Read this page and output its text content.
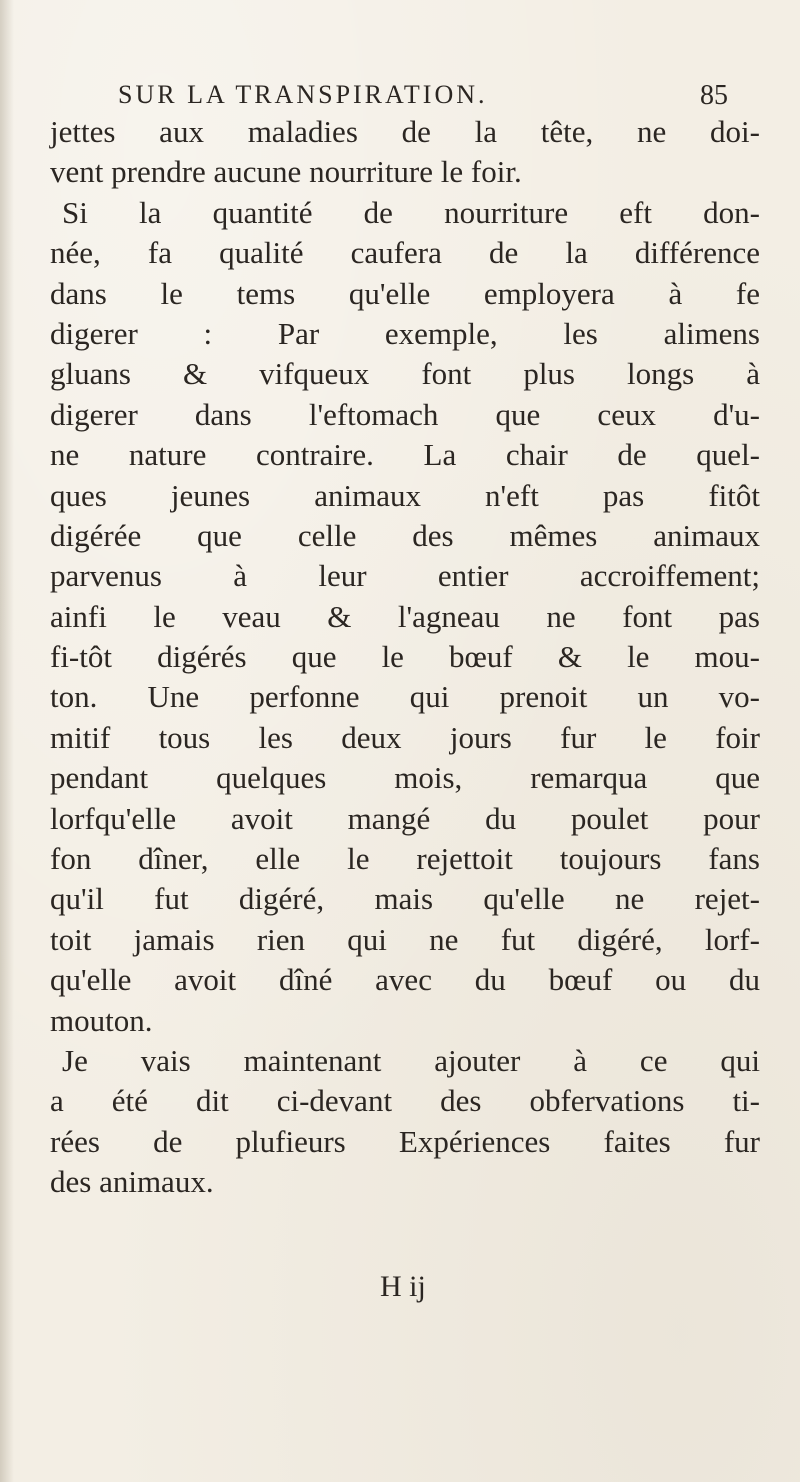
SUR LA TRANSPIRATION.	85
jettes aux maladies de la tête, ne doi-
vent prendre aucune nourriture le foir.
Si la quantité de nourriture eft don-
née, fa qualité caufera de la différence
dans le tems qu'elle employera à fe
digerer : Par exemple, les alimens
gluans & vifqueux font plus longs à
digerer dans l'eftomach que ceux d'u-
ne nature contraire. La chair de quel-
ques jeunes animaux n'eft pas fitôt
digérée que celle des mêmes animaux
parvenus à leur entier accroiffement;
ainfi le veau & l'agneau ne font pas
fi-tôt digérés que le bœuf & le mou-
ton. Une perfonne qui prenoit un vo-
mitif tous les deux jours fur le foir
pendant quelques mois, remarqua que
lorfqu'elle avoit mangé du poulet pour
fon dîner, elle le rejettoit toujours fans
qu'il fut digéré, mais qu'elle ne rejet-
toit jamais rien qui ne fut digéré, lorf-
qu'elle avoit dîné avec du bœuf ou du
mouton.
Je vais maintenant ajouter à ce qui
a été dit ci-devant des obfervations ti-
rées de plufieurs Expériences faites fur
des animaux.
H ij
